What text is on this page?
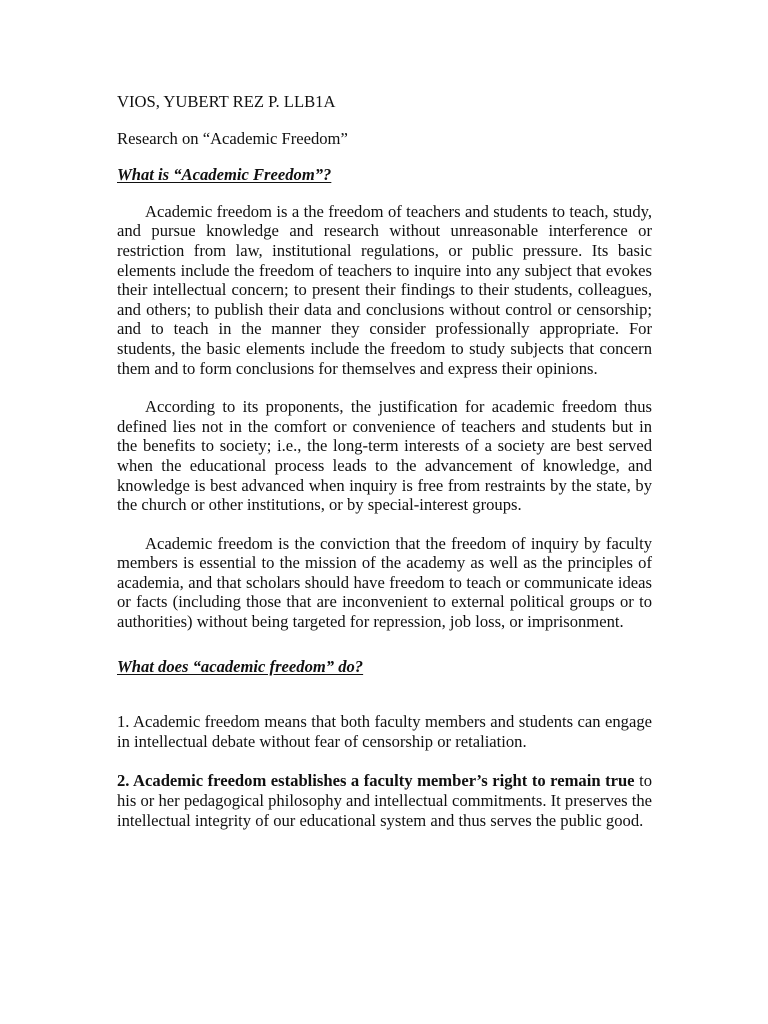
VIOS, YUBERT REZ P. LLB1A

Research on “Academic Freedom”

What is “Academic Freedom”?

Academic freedom is a the freedom of teachers and students to teach, study, and pursue knowledge and research without unreasonable interference or restriction from law, institutional regulations, or public pressure. Its basic elements include the freedom of teachers to inquire into any subject that evokes their intellectual concern; to present their findings to their students, colleagues, and others; to publish their data and conclusions without control or censorship; and to teach in the manner they consider professionally appropriate. For students, the basic elements include the freedom to study subjects that concern them and to form conclusions for themselves and express their opinions.

According to its proponents, the justification for academic freedom thus defined lies not in the comfort or convenience of teachers and students but in the benefits to society; i.e., the long-term interests of a society are best served when the educational process leads to the advancement of knowledge, and knowledge is best advanced when inquiry is free from restraints by the state, by the church or other institutions, or by special-interest groups.

Academic freedom is the conviction that the freedom of inquiry by faculty members is essential to the mission of the academy as well as the principles of academia, and that scholars should have freedom to teach or communicate ideas or facts (including those that are inconvenient to external political groups or to authorities) without being targeted for repression, job loss, or imprisonment.

What does “academic freedom” do?

1. Academic freedom means that both faculty members and students can engage in intellectual debate without fear of censorship or retaliation.

2. Academic freedom establishes a faculty member’s right to remain true to his or her pedagogical philosophy and intellectual commitments. It preserves the intellectual integrity of our educational system and thus serves the public good.
